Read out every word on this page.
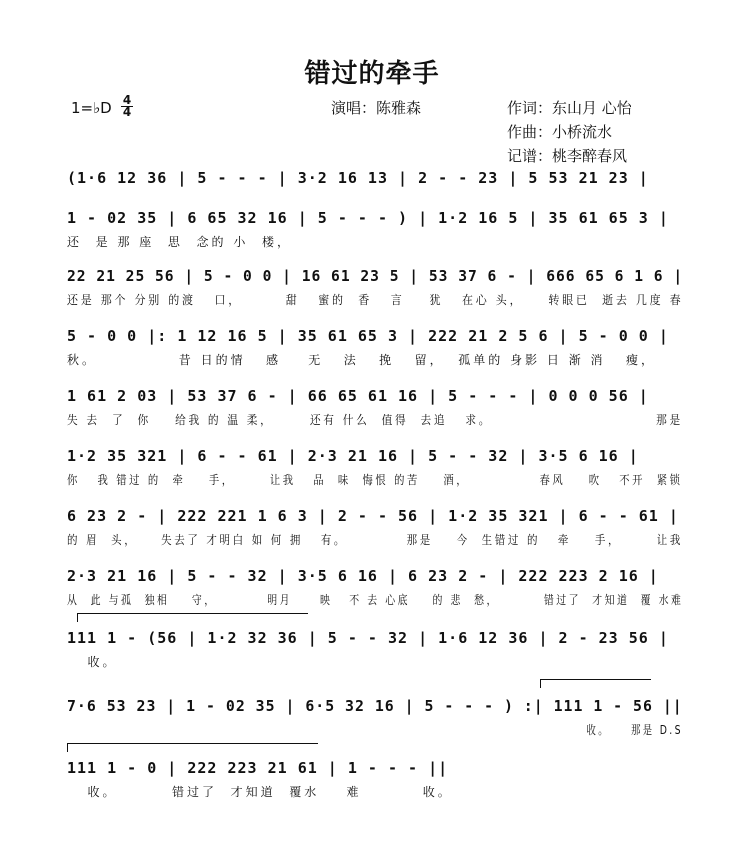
错过的牵手
1=♭D 4
4	演唱：陈雅森	作词：东山月 心怡
作曲：小桥流水
记谱：桃李醉春风
(1·6 12 36 | 5 - - - | 3·2 16 13 | 2 - - 23 | 5 53 21 23 |
1 - 02 35 | 6 65 32 16 | 5 - - - ) | 1·2 16 5 | 35 61 65 3 |
还  是 那 座  思  念的 小  楼，
22 21 25 56 | 5 - 0 0 | 16 61 23 5 | 53 37 6 - | 666 65 6 1 6 |
还是 那个 分别 的渡   口，       甜   蜜的  香   言    犹   在心 头，    转眼已  逝去 几度 春
5 - 0 0 |: 1 12 16 5 | 35 61 65 3 | 222 21 2 5 6 | 5 - 0 0 |
秋。            昔 日的情   感    无   法   挽   留，  孤单的 身影 日 渐 消   瘦，
1 61 2 03 | 53 37 6 - | 66 65 61 16 | 5 - - - | 0 0 0 56 |
失 去  了  你    给我 的 温 柔，      还有 什么  值得  去追   求。                           那是
1·2 35 321 | 6 - - 61 | 2·3 21 16 | 5 - - 32 | 3·5 6 16 |
你   我 错过 的  牵    手，      让我   品  味  悔恨 的苦    酒，            春风    吹   不开  紧锁
6 23 2 - | 222 221 1 6 3 | 2 - - 56 | 1·2 35 321 | 6 - - 61 |
的 眉  头，    失去了 才明白 如 何 拥   有。          那是    今  生错过 的   牵    手，      让我
2·3 21 16 | 5 - - 32 | 3·5 6 16 | 6 23 2 - | 222 223 2 16 |
从  此 与孤  独相    守，         明月     映   不 去 心底    的 悲  愁，        错过了  才知道  覆 水难
111 1 - (56 | 1·2 32 36 | 5 - - 32 | 1·6 12 36 | 2 - 23 56 |
收。
7·6 53 23 | 1 - 02 35 | 6·5 32 16 | 5 - - - ) :| 111 1 - 56 ||
收。    那是 D.S
111 1 - 0 | 222 223 21 61 | 1 - - - ||
收。        错过了  才知道  覆水    难         收。
